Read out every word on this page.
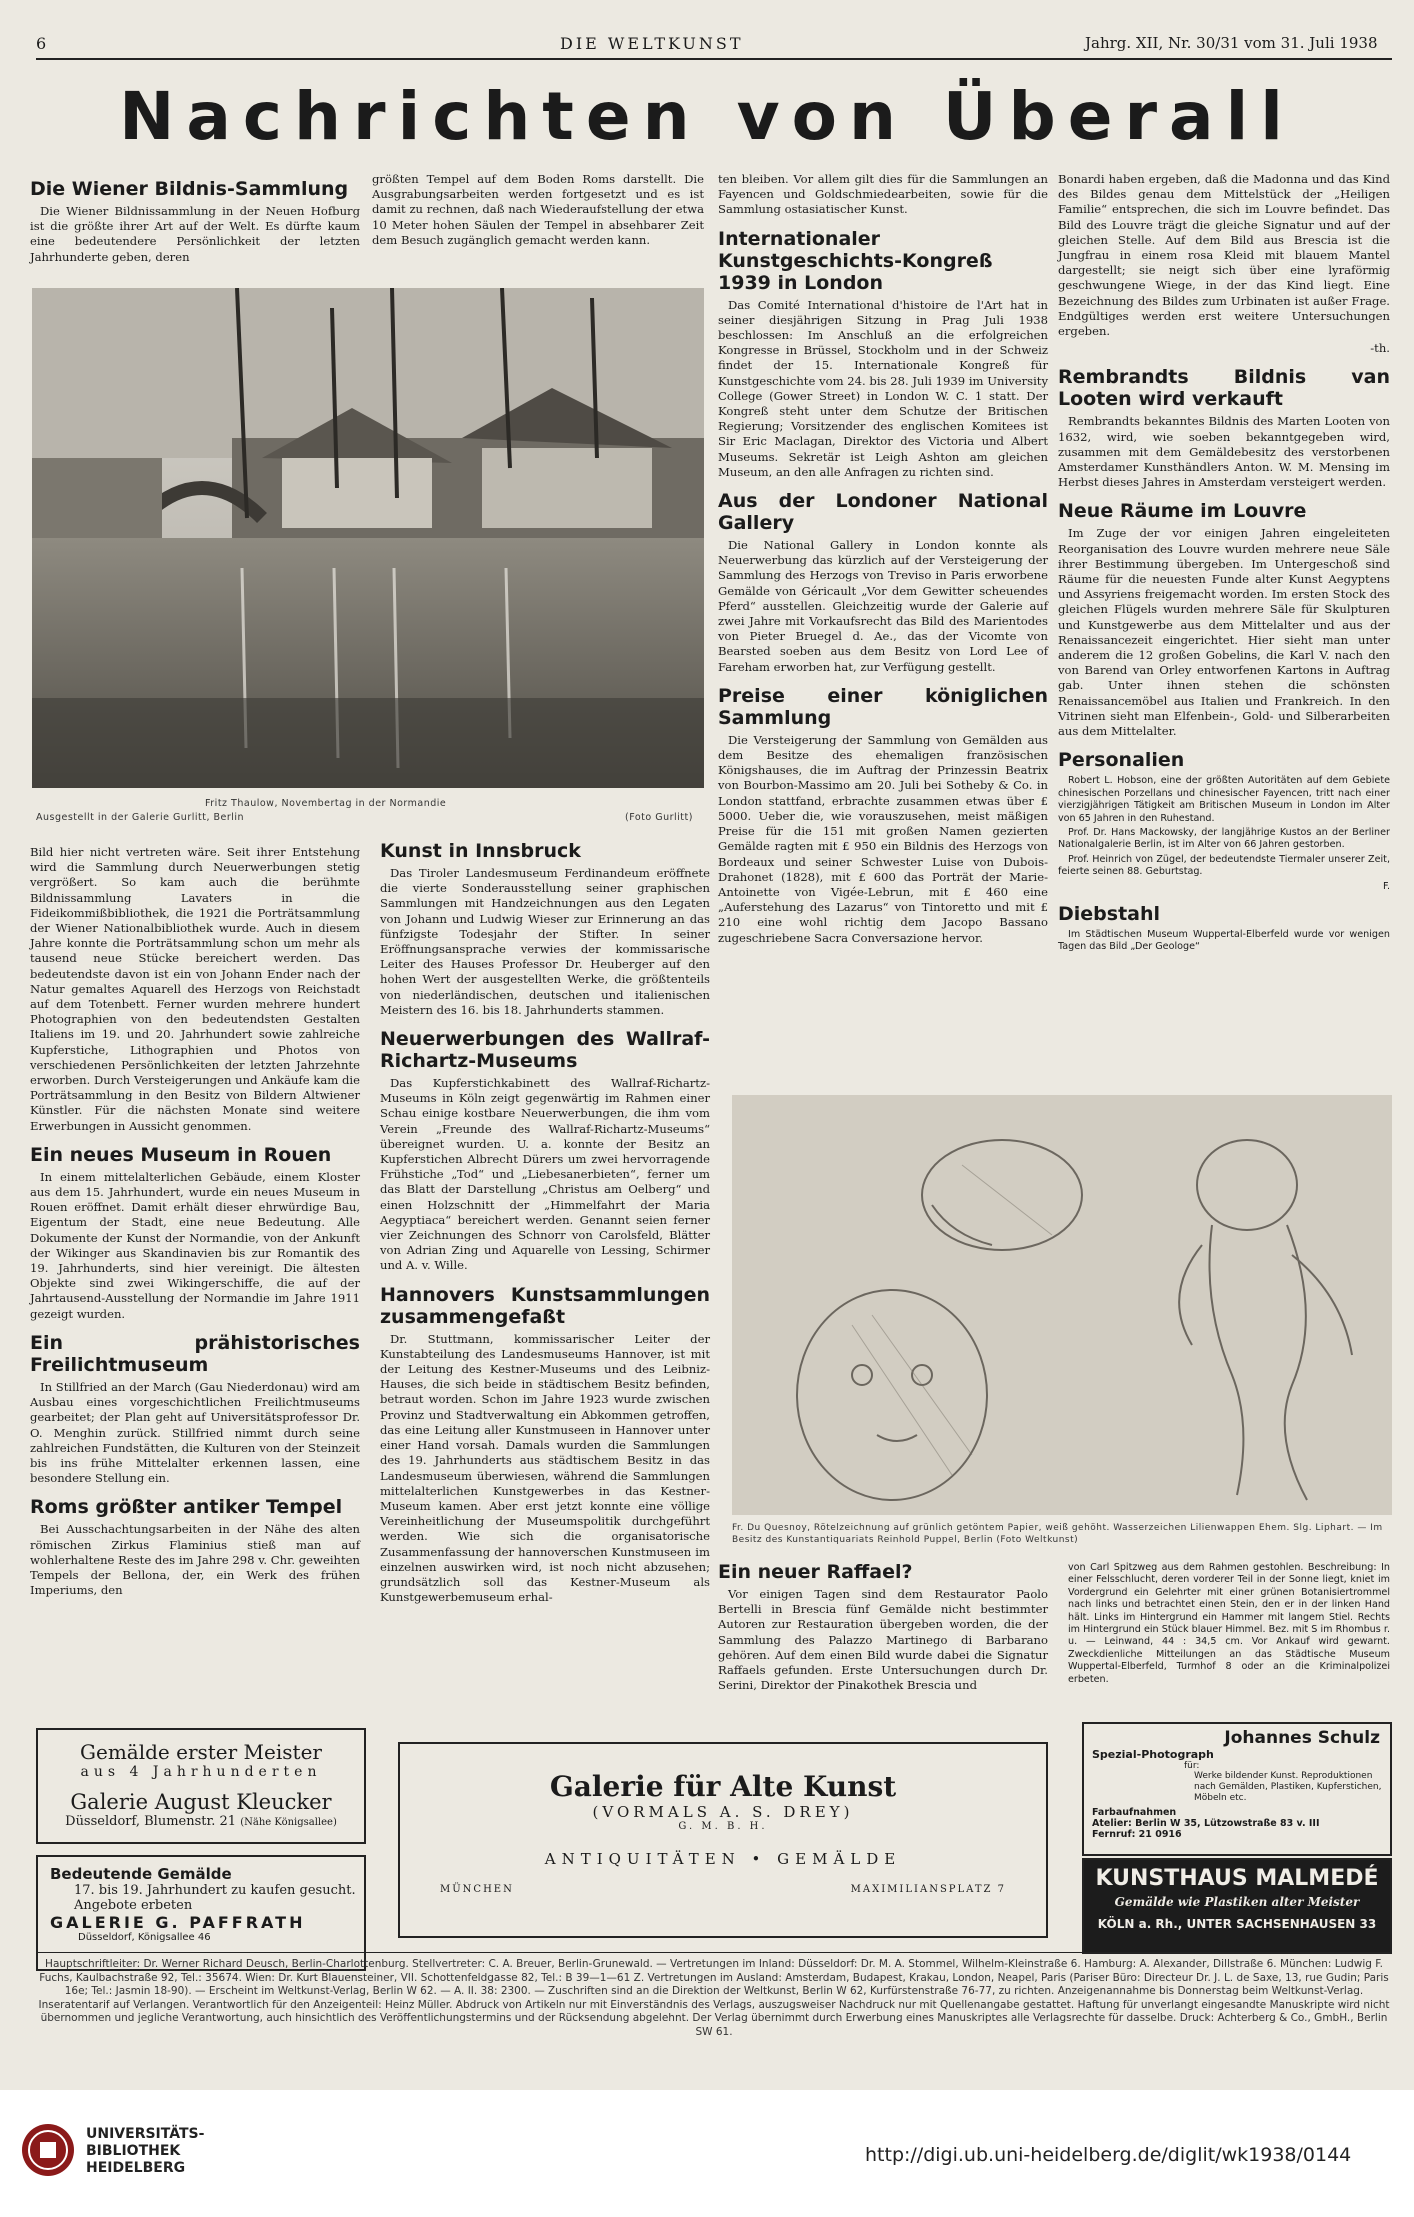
6	DIE WELTKUNST	Jahrg. XII, Nr. 30/31 vom 31. Juli 1938
Nachrichten von Überall
Die Wiener Bildnis-Sammlung

Die Wiener Bildnissammlung in der Neuen Hofburg ist die größte ihrer Art auf der Welt. Es dürfte kaum eine bedeutendere Persönlichkeit der letzten Jahrhunderte geben, deren

größten Tempel auf dem Boden Roms darstellt. Die Ausgrabungsarbeiten werden fortgesetzt und es ist damit zu rechnen, daß nach Wiederaufstellung der etwa 10 Meter hohen Säulen der Tempel in absehbarer Zeit dem Besuch zugänglich gemacht werden kann.

Fritz Thaulow, Novembertag in der Normandie
Ausgestellt in der Galerie Gurlitt, Berlin	(Foto Gurlitt)

Bild hier nicht vertreten wäre. Seit ihrer Entstehung wird die Sammlung durch Neuerwerbungen stetig vergrößert. So kam auch die berühmte Bildnissammlung Lavaters in die Fideikommißbibliothek, die 1921 die Porträtsammlung der Wiener Nationalbibliothek wurde. Auch in diesem Jahre konnte die Porträtsammlung schon um mehr als tausend neue Stücke bereichert werden. Das bedeutendste davon ist ein von Johann Ender nach der Natur gemaltes Aquarell des Herzogs von Reichstadt auf dem Totenbett. Ferner wurden mehrere hundert Photographien von den bedeutendsten Gestalten Italiens im 19. und 20. Jahrhundert sowie zahlreiche Kupferstiche, Lithographien und Photos von verschiedenen Persönlichkeiten der letzten Jahrzehnte erworben. Durch Versteigerungen und Ankäufe kam die Porträtsammlung in den Besitz von Bildern Altwiener Künstler. Für die nächsten Monate sind weitere Erwerbungen in Aussicht genommen.

Ein neues Museum in Rouen

In einem mittelalterlichen Gebäude, einem Kloster aus dem 15. Jahrhundert, wurde ein neues Museum in Rouen eröffnet. Damit erhält dieser ehrwürdige Bau, Eigentum der Stadt, eine neue Bedeutung. Alle Dokumente der Kunst der Normandie, von der Ankunft der Wikinger aus Skandinavien bis zur Romantik des 19. Jahrhunderts, sind hier vereinigt. Die ältesten Objekte sind zwei Wikingerschiffe, die auf der Jahrtausend-Ausstellung der Normandie im Jahre 1911 gezeigt wurden.

Ein prähistorisches Freilichtmuseum

In Stillfried an der March (Gau Niederdonau) wird am Ausbau eines vorgeschichtlichen Freilichtmuseums gearbeitet; der Plan geht auf Universitätsprofessor Dr. O. Menghin zurück. Stillfried nimmt durch seine zahlreichen Fundstätten, die Kulturen von der Steinzeit bis ins frühe Mittelalter erkennen lassen, eine besondere Stellung ein.

Roms größter antiker Tempel

Bei Ausschachtungsarbeiten in der Nähe des alten römischen Zirkus Flaminius stieß man auf wohlerhaltene Reste des im Jahre 298 v. Chr. geweihten Tempels der Bellona, der, ein Werk des frühen Imperiums, den

Kunst in Innsbruck

Das Tiroler Landesmuseum Ferdinandeum eröffnete die vierte Sonderausstellung seiner graphischen Sammlungen mit Handzeichnungen aus den Legaten von Johann und Ludwig Wieser zur Erinnerung an das fünfzigste Todesjahr der Stifter. In seiner Eröffnungsansprache verwies der kommissarische Leiter des Hauses Professor Dr. Heuberger auf den hohen Wert der ausgestellten Werke, die größtenteils von niederländischen, deutschen und italienischen Meistern des 16. bis 18. Jahrhunderts stammen.

Neuerwerbungen des Wallraf-Richartz-Museums

Das Kupferstichkabinett des Wallraf-Richartz-Museums in Köln zeigt gegenwärtig im Rahmen einer Schau einige kostbare Neuerwerbungen, die ihm vom Verein „Freunde des Wallraf-Richartz-Museums“ übereignet wurden. U. a. konnte der Besitz an Kupferstichen Albrecht Dürers um zwei hervorragende Frühstiche „Tod“ und „Liebesanerbieten“, ferner um das Blatt der Darstellung „Christus am Oelberg“ und einen Holzschnitt der „Himmelfahrt der Maria Aegyptiaca“ bereichert werden. Genannt seien ferner vier Zeichnungen des Schnorr von Carolsfeld, Blätter von Adrian Zing und Aquarelle von Lessing, Schirmer und A. v. Wille.

Hannovers Kunstsammlungen zusammengefaßt

Dr. Stuttmann, kommissarischer Leiter der Kunstabteilung des Landesmuseums Hannover, ist mit der Leitung des Kestner-Museums und des Leibniz-Hauses, die sich beide in städtischem Besitz befinden, betraut worden. Schon im Jahre 1923 wurde zwischen Provinz und Stadtverwaltung ein Abkommen getroffen, das eine Leitung aller Kunstmuseen in Hannover unter einer Hand vorsah. Damals wurden die Sammlungen des 19. Jahrhunderts aus städtischem Besitz in das Landesmuseum überwiesen, während die Sammlungen mittelalterlichen Kunstgewerbes in das Kestner-Museum kamen. Aber erst jetzt konnte eine völlige Vereinheitlichung der Museumspolitik durchgeführt werden. Wie sich die organisatorische Zusammenfassung der hannoverschen Kunstmuseen im einzelnen auswirken wird, ist noch nicht abzusehen; grundsätzlich soll das Kestner-Museum als Kunstgewerbemuseum erhal-

ten bleiben. Vor allem gilt dies für die Sammlungen an Fayencen und Goldschmiedearbeiten, sowie für die Sammlung ostasiatischer Kunst.

Internationaler Kunstgeschichts-Kongreß 1939 in London

Das Comité International d'histoire de l'Art hat in seiner diesjährigen Sitzung in Prag Juli 1938 beschlossen: Im Anschluß an die erfolgreichen Kongresse in Brüssel, Stockholm und in der Schweiz findet der 15. Internationale Kongreß für Kunstgeschichte vom 24. bis 28. Juli 1939 im University College (Gower Street) in London W. C. 1 statt. Der Kongreß steht unter dem Schutze der Britischen Regierung; Vorsitzender des englischen Komitees ist Sir Eric Maclagan, Direktor des Victoria und Albert Museums. Sekretär ist Leigh Ashton am gleichen Museum, an den alle Anfragen zu richten sind.

Aus der Londoner National Gallery

Die National Gallery in London konnte als Neuerwerbung das kürzlich auf der Versteigerung der Sammlung des Herzogs von Treviso in Paris erworbene Gemälde von Géricault „Vor dem Gewitter scheuendes Pferd“ ausstellen. Gleichzeitig wurde der Galerie auf zwei Jahre mit Vorkaufsrecht das Bild des Marientodes von Pieter Bruegel d. Ae., das der Vicomte von Bearsted soeben aus dem Besitz von Lord Lee of Fareham erworben hat, zur Verfügung gestellt.

Preise einer königlichen Sammlung

Die Versteigerung der Sammlung von Gemälden aus dem Besitze des ehemaligen französischen Königshauses, die im Auftrag der Prinzessin Beatrix von Bourbon-Massimo am 20. Juli bei Sotheby & Co. in London stattfand, erbrachte zusammen etwas über £ 5000. Ueber die, wie vorauszusehen, meist mäßigen Preise für die 151 mit großen Namen gezierten Gemälde ragten mit £ 950 ein Bildnis des Herzogs von Bordeaux und seiner Schwester Luise von Dubois-Drahonet (1828), mit £ 600 das Porträt der Marie-Antoinette von Vigée-Lebrun, mit £ 460 eine „Auferstehung des Lazarus“ von Tintoretto und mit £ 210 eine wohl richtig dem Jacopo Bassano zugeschriebene Sacra Conversazione hervor.

Bonardi haben ergeben, daß die Madonna und das Kind des Bildes genau dem Mittelstück der „Heiligen Familie“ entsprechen, die sich im Louvre befindet. Das Bild des Louvre trägt die gleiche Signatur und auf der gleichen Stelle. Auf dem Bild aus Brescia ist die Jungfrau in einem rosa Kleid mit blauem Mantel dargestellt; sie neigt sich über eine lyraförmig geschwungene Wiege, in der das Kind liegt. Eine Bezeichnung des Bildes zum Urbinaten ist außer Frage. Endgültiges werden erst weitere Untersuchungen ergeben.

-th.
Rembrandts Bildnis van Looten wird verkauft

Rembrandts bekanntes Bildnis des Marten Looten von 1632, wird, wie soeben bekanntgegeben wird, zusammen mit dem Gemäldebesitz des verstorbenen Amsterdamer Kunsthändlers Anton. W. M. Mensing im Herbst dieses Jahres in Amsterdam versteigert werden.

Neue Räume im Louvre

Im Zuge der vor einigen Jahren eingeleiteten Reorganisation des Louvre wurden mehrere neue Säle ihrer Bestimmung übergeben. Im Untergeschoß sind Räume für die neuesten Funde alter Kunst Aegyptens und Assyriens freigemacht worden. Im ersten Stock des gleichen Flügels wurden mehrere Säle für Skulpturen und Kunstgewerbe aus dem Mittelalter und aus der Renaissancezeit eingerichtet. Hier sieht man unter anderem die 12 großen Gobelins, die Karl V. nach den von Barend van Orley entworfenen Kartons in Auftrag gab. Unter ihnen stehen die schönsten Renaissancemöbel aus Italien und Frankreich. In den Vitrinen sieht man Elfenbein-, Gold- und Silberarbeiten aus dem Mittelalter.

Personalien

Robert L. Hobson, eine der größten Autoritäten auf dem Gebiete chinesischen Porzellans und chinesischer Fayencen, tritt nach einer vierzigjährigen Tätigkeit am Britischen Museum in London im Alter von 65 Jahren in den Ruhestand.

Prof. Dr. Hans Mackowsky, der langjährige Kustos an der Berliner Nationalgalerie Berlin, ist im Alter von 66 Jahren gestorben.

Prof. Heinrich von Zügel, der bedeutendste Tiermaler unserer Zeit, feierte seinen 88. Geburtstag.

F.
Diebstahl

Im Städtischen Museum Wuppertal-Elberfeld wurde vor wenigen Tagen das Bild „Der Geologe“

Fr. Du Quesnoy, Rötelzeichnung auf grünlich getöntem Papier, weiß gehöht. Wasserzeichen Lilienwappen Ehem. Slg. Liphart. — Im Besitz des Kunstantiquariats Reinhold Puppel, Berlin (Foto Weltkunst)
Ein neuer Raffael?

Vor einigen Tagen sind dem Restaurator Paolo Bertelli in Brescia fünf Gemälde nicht bestimmter Autoren zur Restauration übergeben worden, die der Sammlung des Palazzo Martinego di Barbarano gehören. Auf dem einen Bild wurde dabei die Signatur Raffaels gefunden. Erste Untersuchungen durch Dr. Serini, Direktor der Pinakothek Brescia und

von Carl Spitzweg aus dem Rahmen gestohlen. Beschreibung: In einer Felsschlucht, deren vorderer Teil in der Sonne liegt, kniet im Vordergrund ein Gelehrter mit einer grünen Botanisiertrommel nach links und betrachtet einen Stein, den er in der linken Hand hält. Links im Hintergrund ein Hammer mit langem Stiel. Rechts im Hintergrund ein Stück blauer Himmel. Bez. mit S im Rhombus r. u. — Leinwand, 44 : 34,5 cm. Vor Ankauf wird gewarnt. Zweckdienliche Mitteilungen an das Städtische Museum Wuppertal-Elberfeld, Turmhof 8 oder an die Kriminalpolizei erbeten.

Gemälde erster Meister
aus 4 Jahrhunderten
Galerie August Kleucker
Düsseldorf, Blumenstr. 21 (Nähe Königsallee)
Bedeutende Gemälde
17. bis 19. Jahrhundert zu kaufen gesucht.
Angebote erbeten
GALERIE G. PAFFRATH
Düsseldorf, Königsallee 46
Galerie für Alte Kunst
(VORMALS A. S. DREY)
G. M. B. H.
ANTIQUITÄTEN • GEMÄLDE
MÜNCHEN	MAXIMILIANSPLATZ 7
Johannes Schulz
Spezial-Photograph
für:
Werke bildender Kunst. Reproduktionen nach Gemälden, Plastiken, Kupferstichen, Möbeln etc.
Farbaufnahmen
Atelier: Berlin W 35, Lützowstraße 83 v. III
Fernruf: 21 0916
KUNSTHAUS MALMEDÉ
Gemälde wie Plastiken alter Meister
KÖLN a. Rh., UNTER SACHSENHAUSEN 33
Hauptschriftleiter: Dr. Werner Richard Deusch, Berlin-Charlottenburg. Stellvertreter: C. A. Breuer, Berlin-Grunewald. — Vertretungen im Inland: Düsseldorf: Dr. M. A. Stommel, Wilhelm-Kleinstraße 6. Hamburg: A. Alexander, Dillstraße 6. München: Ludwig F. Fuchs, Kaulbachstraße 92, Tel.: 35674. Wien: Dr. Kurt Blauensteiner, VII. Schottenfeldgasse 82, Tel.: B 39—1—61 Z. Vertretungen im Ausland: Amsterdam, Budapest, Krakau, London, Neapel, Paris (Pariser Büro: Directeur Dr. J. L. de Saxe, 13, rue Gudin; Paris 16e; Tel.: Jasmin 18-90). — Erscheint im Weltkunst-Verlag, Berlin W 62. — A. II. 38: 2300. — Zuschriften sind an die Direktion der Weltkunst, Berlin W 62, Kurfürstenstraße 76-77, zu richten. Anzeigenannahme bis Donnerstag beim Weltkunst-Verlag. Inseratentarif auf Verlangen. Verantwortlich für den Anzeigenteil: Heinz Müller. Abdruck von Artikeln nur mit Einverständnis des Verlags, auszugsweiser Nachdruck nur mit Quellenangabe gestattet. Haftung für unverlangt eingesandte Manuskripte wird nicht übernommen und jegliche Verantwortung, auch hinsichtlich des Veröffentlichungstermins und der Rücksendung abgelehnt. Der Verlag übernimmt durch Erwerbung eines Manuskriptes alle Verlagsrechte für dasselbe. Druck: Achterberg & Co., GmbH., Berlin SW 61.
UNIVERSITÄTS-
BIBLIOTHEK
HEIDELBERG
http://digi.ub.uni-heidelberg.de/diglit/wk1938/0144
